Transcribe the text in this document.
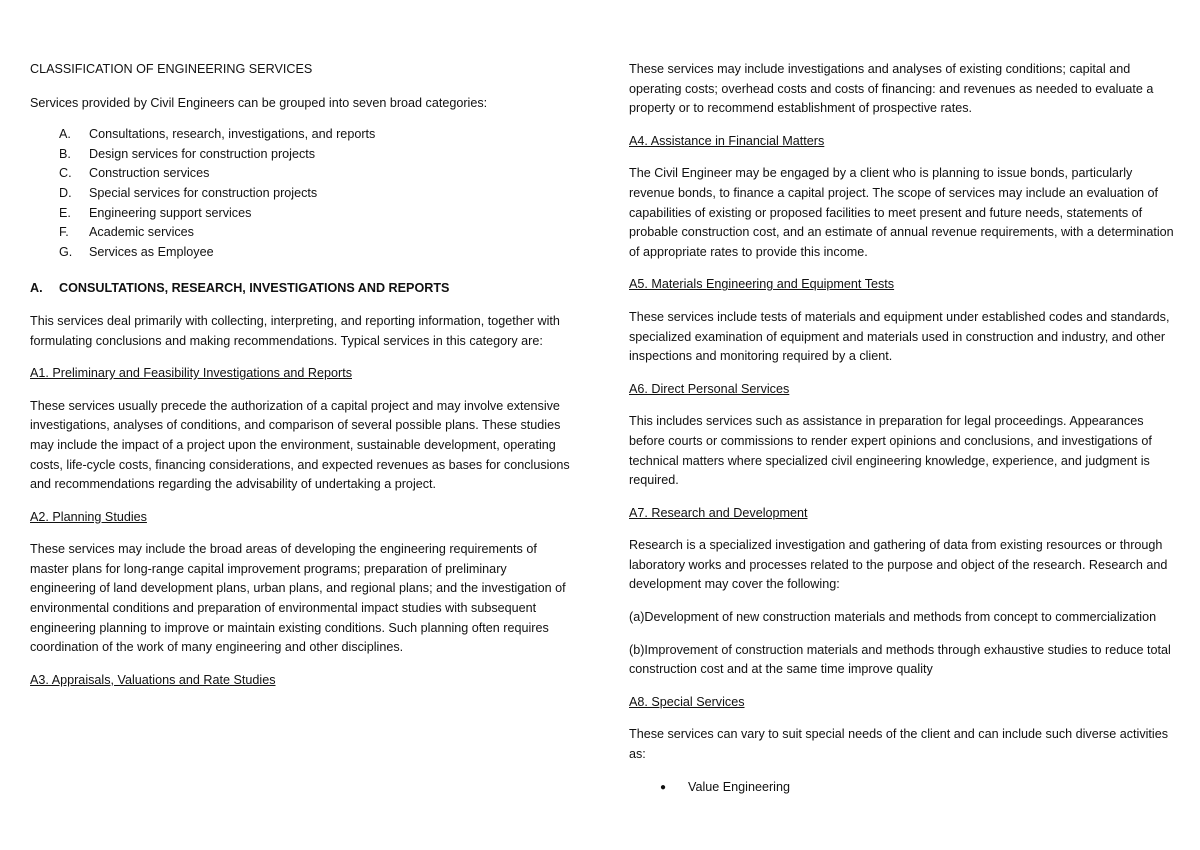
CLASSIFICATION OF ENGINEERING SERVICES

Services provided by Civil Engineers can be grouped into seven broad categories:

A.	Consultations, research, investigations, and reports
B.	Design services for construction projects
C.	Construction services
D.	Special services for construction projects
E.	Engineering support services
F.	Academic services
G.	Services as Employee

A. CONSULTATIONS, RESEARCH, INVESTIGATIONS AND REPORTS

This services deal primarily with collecting, interpreting, and reporting information, together with formulating conclusions and making recommendations. Typical services in this category are:

A1. Preliminary and Feasibility Investigations and Reports

These services usually precede the authorization of a capital project and may involve extensive investigations, analyses of conditions, and comparison of several possible plans. These studies may include the impact of a project upon the environment, sustainable development, operating costs, life-cycle costs, financing considerations, and expected revenues as bases for conclusions and recommendations regarding the advisability of undertaking a project.

A2. Planning Studies

These services may include the broad areas of developing the engineering requirements of master plans for long-range capital improvement programs; preparation of preliminary engineering of land development plans, urban plans, and regional plans; and the investigation of environmental conditions and preparation of environmental impact studies with subsequent engineering planning to improve or maintain existing conditions. Such planning often requires coordination of the work of many engineering and other disciplines.

A3. Appraisals, Valuations and Rate Studies

These services may include investigations and analyses of existing conditions; capital and operating costs; overhead costs and costs of financing: and revenues as needed to evaluate a property or to recommend establishment of prospective rates.

A4. Assistance in Financial Matters

The Civil Engineer may be engaged by a client who is planning to issue bonds, particularly revenue bonds, to finance a capital project. The scope of services may include an evaluation of capabilities of existing or proposed facilities to meet present and future needs, statements of probable construction cost, and an estimate of annual revenue requirements, with a determination of appropriate rates to provide this income.

A5. Materials Engineering and Equipment Tests

These services include tests of materials and equipment under established codes and standards, specialized examination of equipment and materials used in construction and industry, and other inspections and monitoring required by a client.

A6. Direct Personal Services

This includes services such as assistance in preparation for legal proceedings. Appearances before courts or commissions to render expert opinions and conclusions, and investigations of technical matters where specialized civil engineering knowledge, experience, and judgment is required.

A7. Research and Development

Research is a specialized investigation and gathering of data from existing resources or through laboratory works and processes related to the purpose and object of the research. Research and development may cover the following:

(a)Development of new construction materials and methods from concept to commercialization

(b)Improvement of construction materials and methods through exhaustive studies to reduce total construction cost and at the same time improve quality

A8. Special Services

These services can vary to suit special needs of the client and can include such diverse activities as:

●	Value Engineering
